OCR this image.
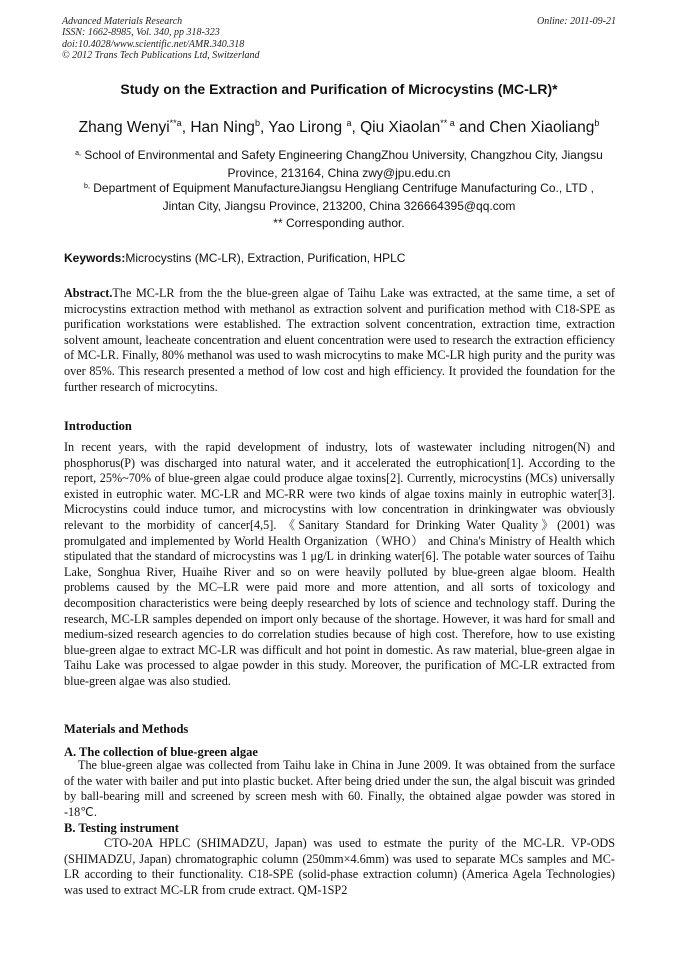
Advanced Materials Research
ISSN: 1662-8985, Vol. 340, pp 318-323
doi:10.4028/www.scientific.net/AMR.340.318
© 2012 Trans Tech Publications Ltd, Switzerland
Online: 2011-09-21
Study on the Extraction and Purification of Microcystins (MC-LR)*
Zhang Wenyi$^{**a}$, Han Ning$^b$, Yao Lirong $^a$, Qiu Xiaolan$^{** a}$ and Chen Xiaoliang$^b$
$^{a,}$ School of Environmental and Safety Engineering ChangZhou University, Changzhou City, Jiangsu
Province, 213164, China zwy@jpu.edu.cn
$^{b,}$ Department of Equipment ManufactureJiangsu Hengliang Centrifuge Manufacturing Co., LTD ,
Jintan City, Jiangsu Province, 213200, China 326664395@qq.com
** Corresponding author.
Keywords:Microcystins (MC-LR), Extraction, Purification, HPLC
Abstract.The MC-LR from the the blue-green algae of Taihu Lake was extracted, at the same time, a set of microcystins extraction method with methanol as extraction solvent and purification method with C18-SPE as purification workstations were established. The extraction solvent concentration, extraction time, extraction solvent amount, leacheate concentration and eluent concentration were used to research the extraction efficiency of MC-LR. Finally, 80% methanol was used to wash microcytins to make MC-LR high purity and the purity was over 85%. This research presented a method of low cost and high efficiency. It provided the foundation for the further research of microcytins.
Introduction
In recent years, with the rapid development of industry, lots of wastewater including nitrogen(N) and phosphorus(P) was discharged into natural water, and it accelerated the eutrophication[1]. According to the report, 25%~70% of blue-green algae could produce algae toxins[2]. Currently, microcystins (MCs) universally existed in eutrophic water. MC-LR and MC-RR were two kinds of algae toxins mainly in eutrophic water[3]. Microcystins could induce tumor, and microcystins with low concentration in drinkingwater was obviously relevant to the morbidity of cancer[4,5]. 《Sanitary Standard for Drinking Water Quality》(2001) was promulgated and implemented by World Health Organization（WHO） and China's Ministry of Health which stipulated that the standard of microcystins was 1 μg/L in drinking water[6]. The potable water sources of Taihu Lake, Songhua River, Huaihe River and so on were heavily polluted by blue-green algae bloom. Health problems caused by the MC–LR were paid more and more attention, and all sorts of toxicology and decomposition characteristics were being deeply researched by lots of science and technology staff. During the research, MC-LR samples depended on import only because of the shortage. However, it was hard for small and medium-sized research agencies to do correlation studies because of high cost. Therefore, how to use existing blue-green algae to extract MC-LR was difficult and hot point in domestic. As raw material, blue-green algae in Taihu Lake was processed to algae powder in this study. Moreover, the purification of MC-LR extracted from blue-green algae was also studied.
Materials and Methods
A. The collection of blue-green algae
The blue-green algae was collected from Taihu lake in China in June 2009. It was obtained from the surface of the water with bailer and put into plastic bucket. After being dried under the sun, the algal biscuit was grinded by ball-bearing mill and screened by screen mesh with 60. Finally, the obtained algae powder was stored in -18℃.
B. Testing instrument
CTO-20A HPLC (SHIMADZU, Japan) was used to estmate the purity of the MC-LR. VP-ODS (SHIMADZU, Japan) chromatographic column (250mm×4.6mm) was used to separate MCs samples and MC-LR according to their functionality. C18-SPE (solid-phase extraction column) (America Agela Technologies) was used to extract MC-LR from crude extract. QM-1SP2
